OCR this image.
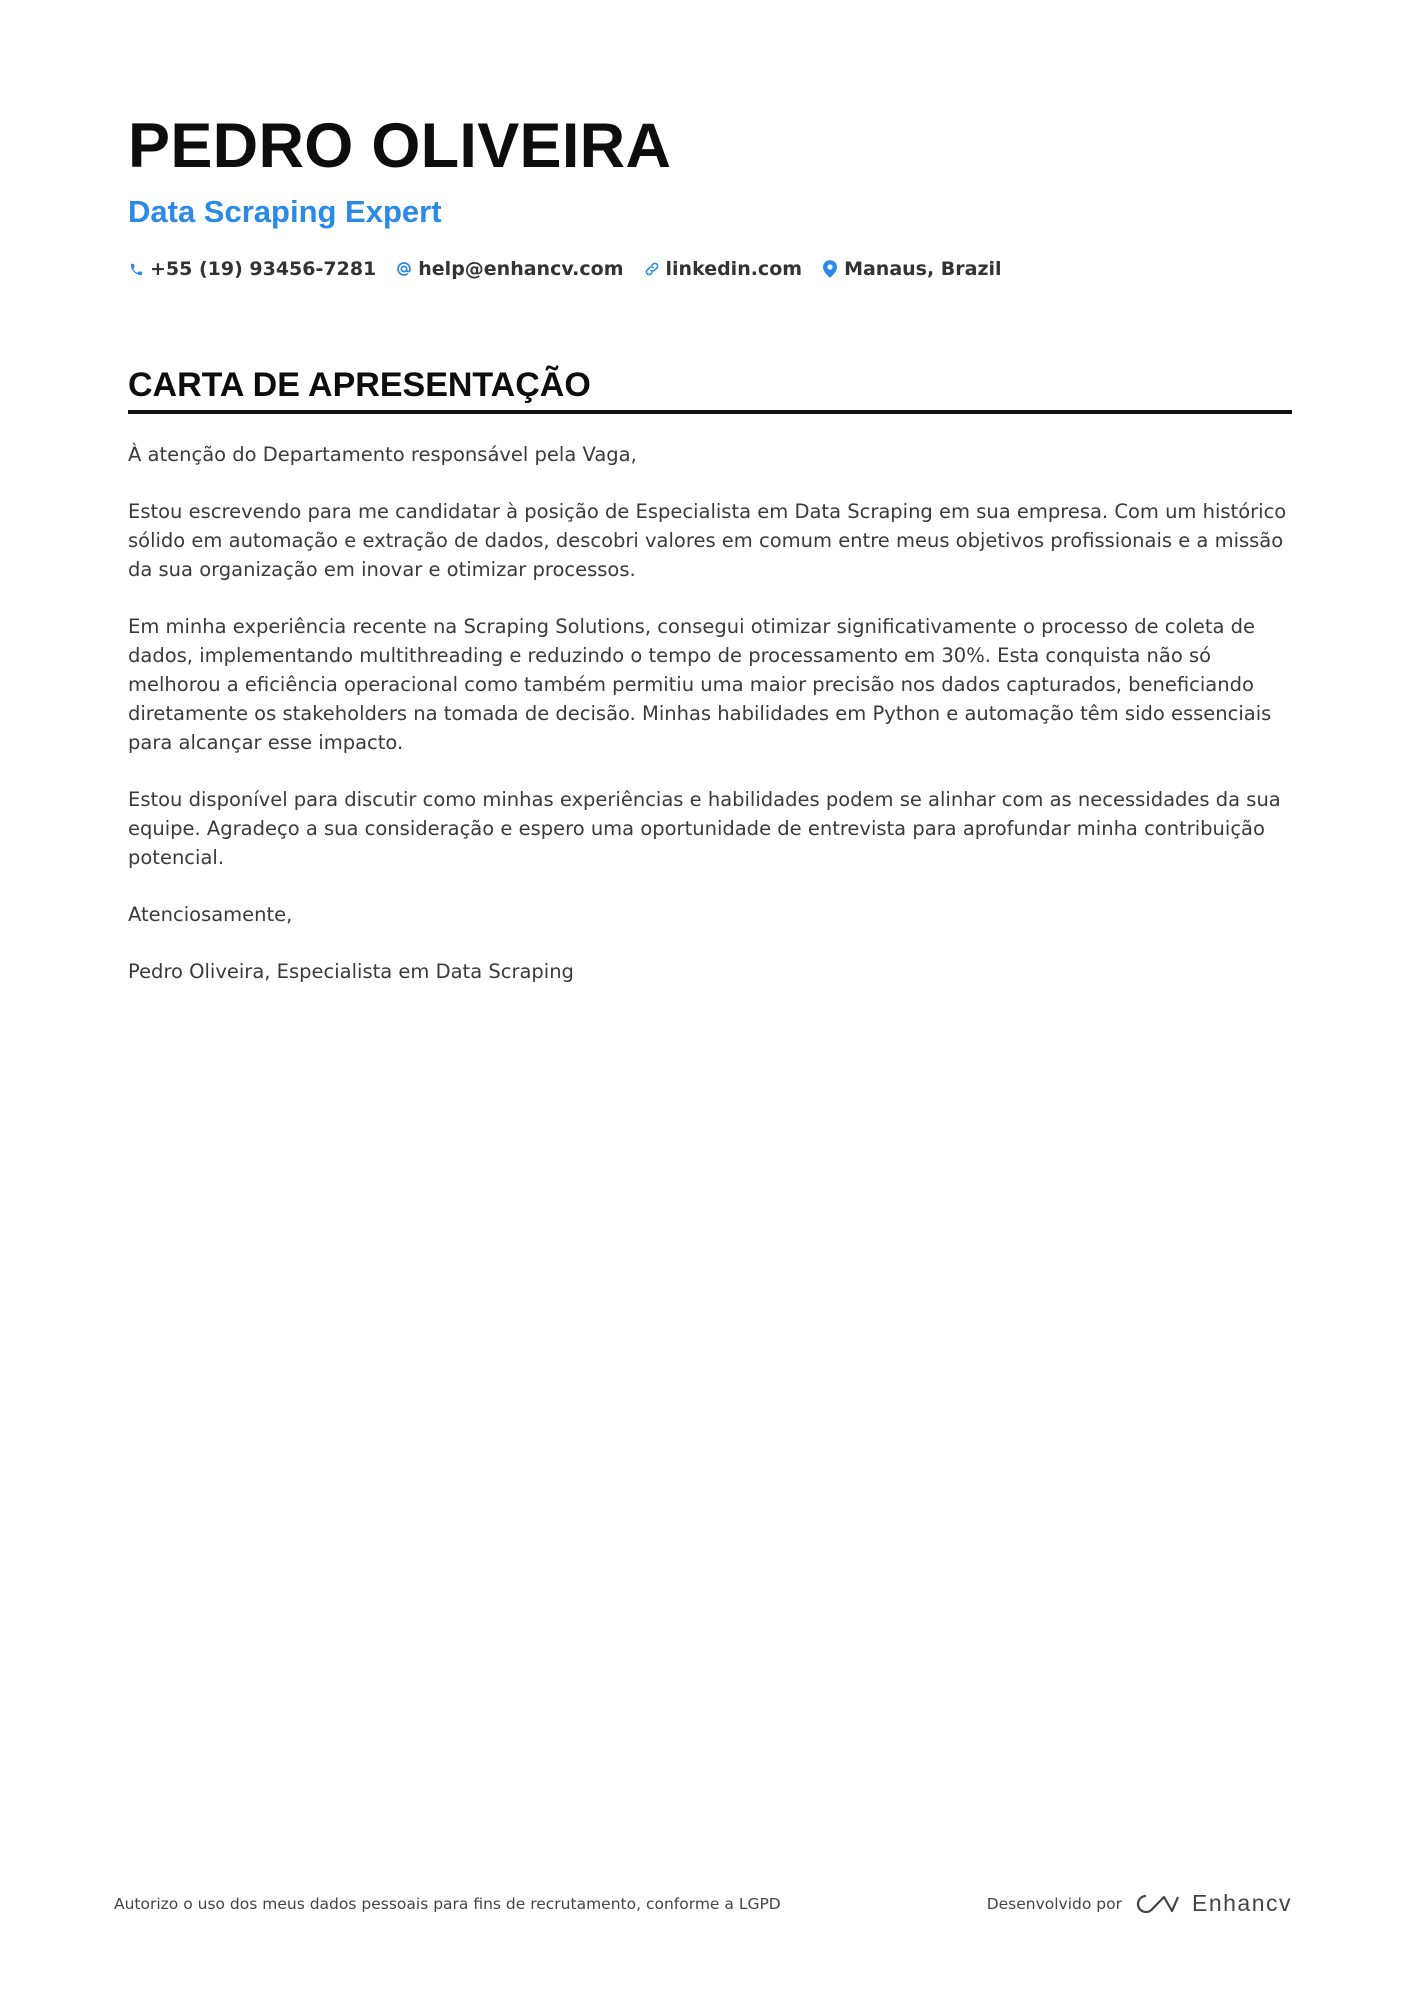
PEDRO OLIVEIRA
Data Scraping Expert
+55 (19) 93456-7281 help@enhancv.com linkedin.com Manaus, Brazil
CARTA DE APRESENTAÇÃO

À atenção do Departamento responsável pela Vaga,

Estou escrevendo para me candidatar à posição de Especialista em Data Scraping em sua empresa. Com um histórico sólido em automação e extração de dados, descobri valores em comum entre meus objetivos profissionais e a missão da sua organização em inovar e otimizar processos.

Em minha experiência recente na Scraping Solutions, consegui otimizar significativamente o processo de coleta de dados, implementando multithreading e reduzindo o tempo de processamento em 30%. Esta conquista não só melhorou a eficiência operacional como também permitiu uma maior precisão nos dados capturados, beneficiando diretamente os stakeholders na tomada de decisão. Minhas habilidades em Python e automação têm sido essenciais para alcançar esse impacto.

Estou disponível para discutir como minhas experiências e habilidades podem se alinhar com as necessidades da sua equipe. Agradeço a sua consideração e espero uma oportunidade de entrevista para aprofundar minha contribuição potencial.

Atenciosamente,

Pedro Oliveira, Especialista em Data Scraping

Autorizo o uso dos meus dados pessoais para fins de recrutamento, conforme a LGPD	Desenvolvido por	Enhancv
